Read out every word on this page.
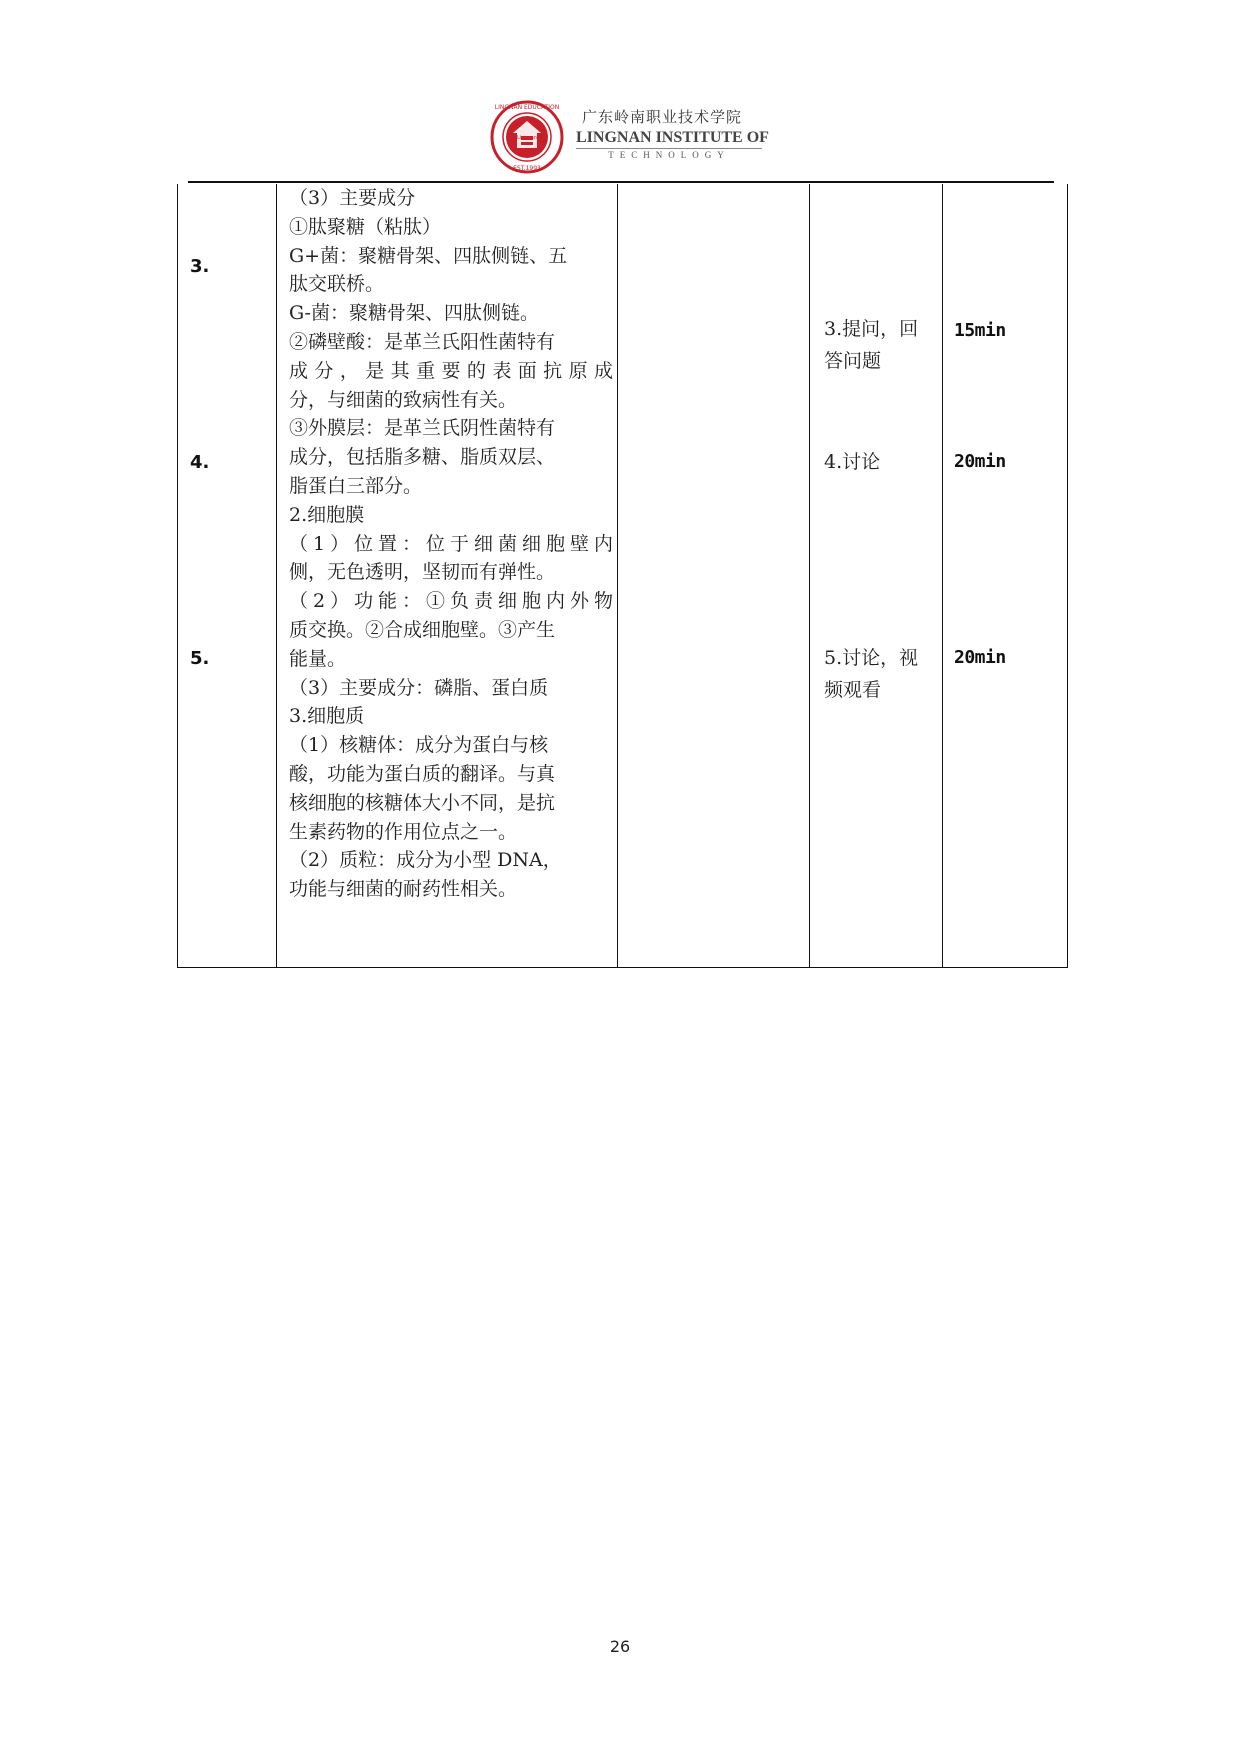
LINGNAN EDUCATION
EST.1993
Lingnan
广东岭南职业技术学院
LINGNAN INSTITUTE OF
TECHNOLOGY
3.
4.
5.

（3）主要成分

①肽聚糖（粘肽）

G+菌：聚糖骨架、四肽侧链、五

肽交联桥。

G-菌：聚糖骨架、四肽侧链。

②磷壁酸：是革兰氏阳性菌特有

成分，是其重要的表面抗原成

分，与细菌的致病性有关。

③外膜层：是革兰氏阴性菌特有

成分，包括脂多糖、脂质双层、

脂蛋白三部分。

2.细胞膜

（1）位置：位于细菌细胞壁内

侧，无色透明，坚韧而有弹性。

（2）功能：①负责细胞内外物

质交换。②合成细胞壁。③产生

能量。

（3）主要成分：磷脂、蛋白质

3.细胞质

（1）核糖体：成分为蛋白与核

酸，功能为蛋白质的翻译。与真

核细胞的核糖体大小不同，是抗

生素药物的作用位点之一。

（2）质粒：成分为小型 DNA，

功能与细菌的耐药性相关。

3.提问，回
答问题
4.讨论
5.讨论，视
频观看
15min
20min
20min
26
